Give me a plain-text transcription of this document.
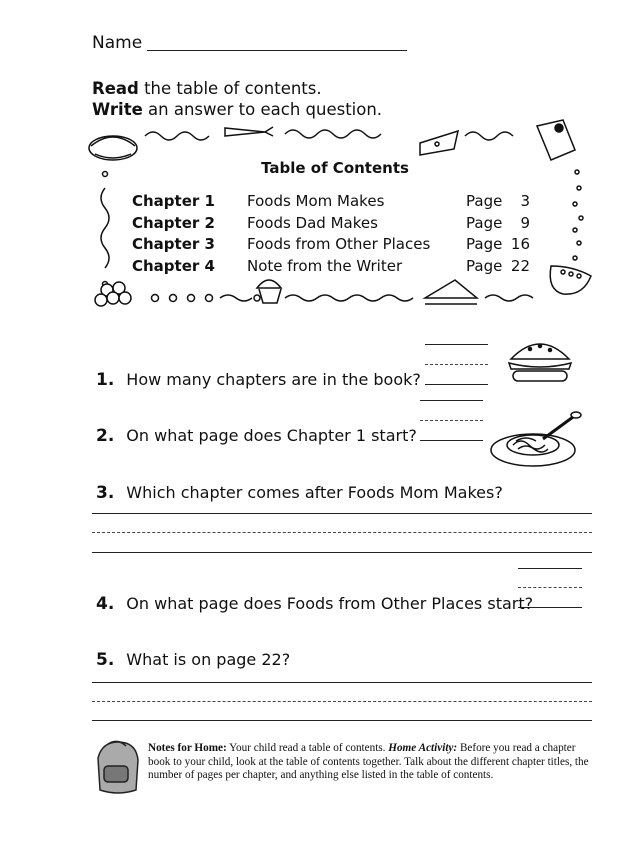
Name
Read the table of contents.
Write an answer to each question.
Table of Contents
Chapter 1 Foods Mom Makes	Page	3
Chapter 2 Foods Dad Makes	Page	9
Chapter 3 Foods from Other Places Page 16
Chapter 4 Note from the Writer	Page 22
1. How many chapters are in the book?
2. On what page does Chapter 1 start?
3. Which chapter comes after Foods Mom Makes?
4. On what page does Foods from Other Places start?
5. What is on page 22?
Notes for Home: Your child read a table of contents. Home Activity: Before you read a chapter book to your child, look at the table of contents together. Talk about the different chapter titles, the number of pages per chapter, and anything else listed in the table of contents.
